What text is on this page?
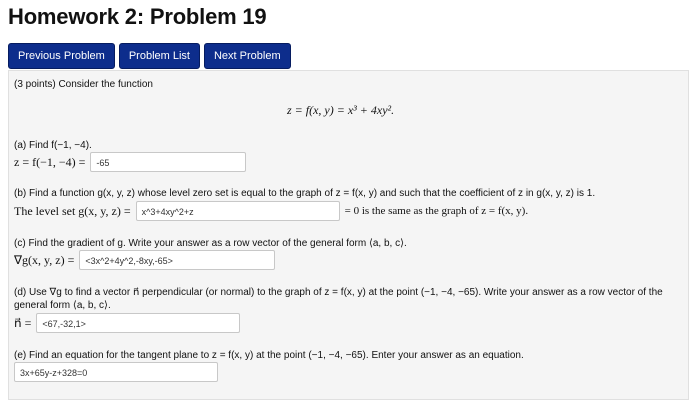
Homework 2: Problem 19
Previous Problem	Problem List	Next Problem
(3 points) Consider the function
z = f(x, y) = x³ + 4xy².
(a) Find f(−1, −4).
z = f(−1, −4) =	-65
(b) Find a function g(x, y, z) whose level zero set is equal to the graph of z = f(x, y) and such that the coefficient of z in g(x, y, z) is 1.
The level set g(x, y, z) =	x^3+4xy^2+z	= 0 is the same as the graph of z = f(x, y).
(c) Find the gradient of g. Write your answer as a row vector of the general form ⟨a, b, c⟩.
∇g(x, y, z) =	<3x^2+4y^2,-8xy,-65>
(d) Use ∇g to find a vector n⃗ perpendicular (or normal) to the graph of z = f(x, y) at the point (−1, −4, −65). Write your answer as a row vector of the
general form ⟨a, b, c⟩.
n⃗ =	<67,-32,1>
(e) Find an equation for the tangent plane to z = f(x, y) at the point (−1, −4, −65). Enter your answer as an equation.
3x+65y-z+328=0
